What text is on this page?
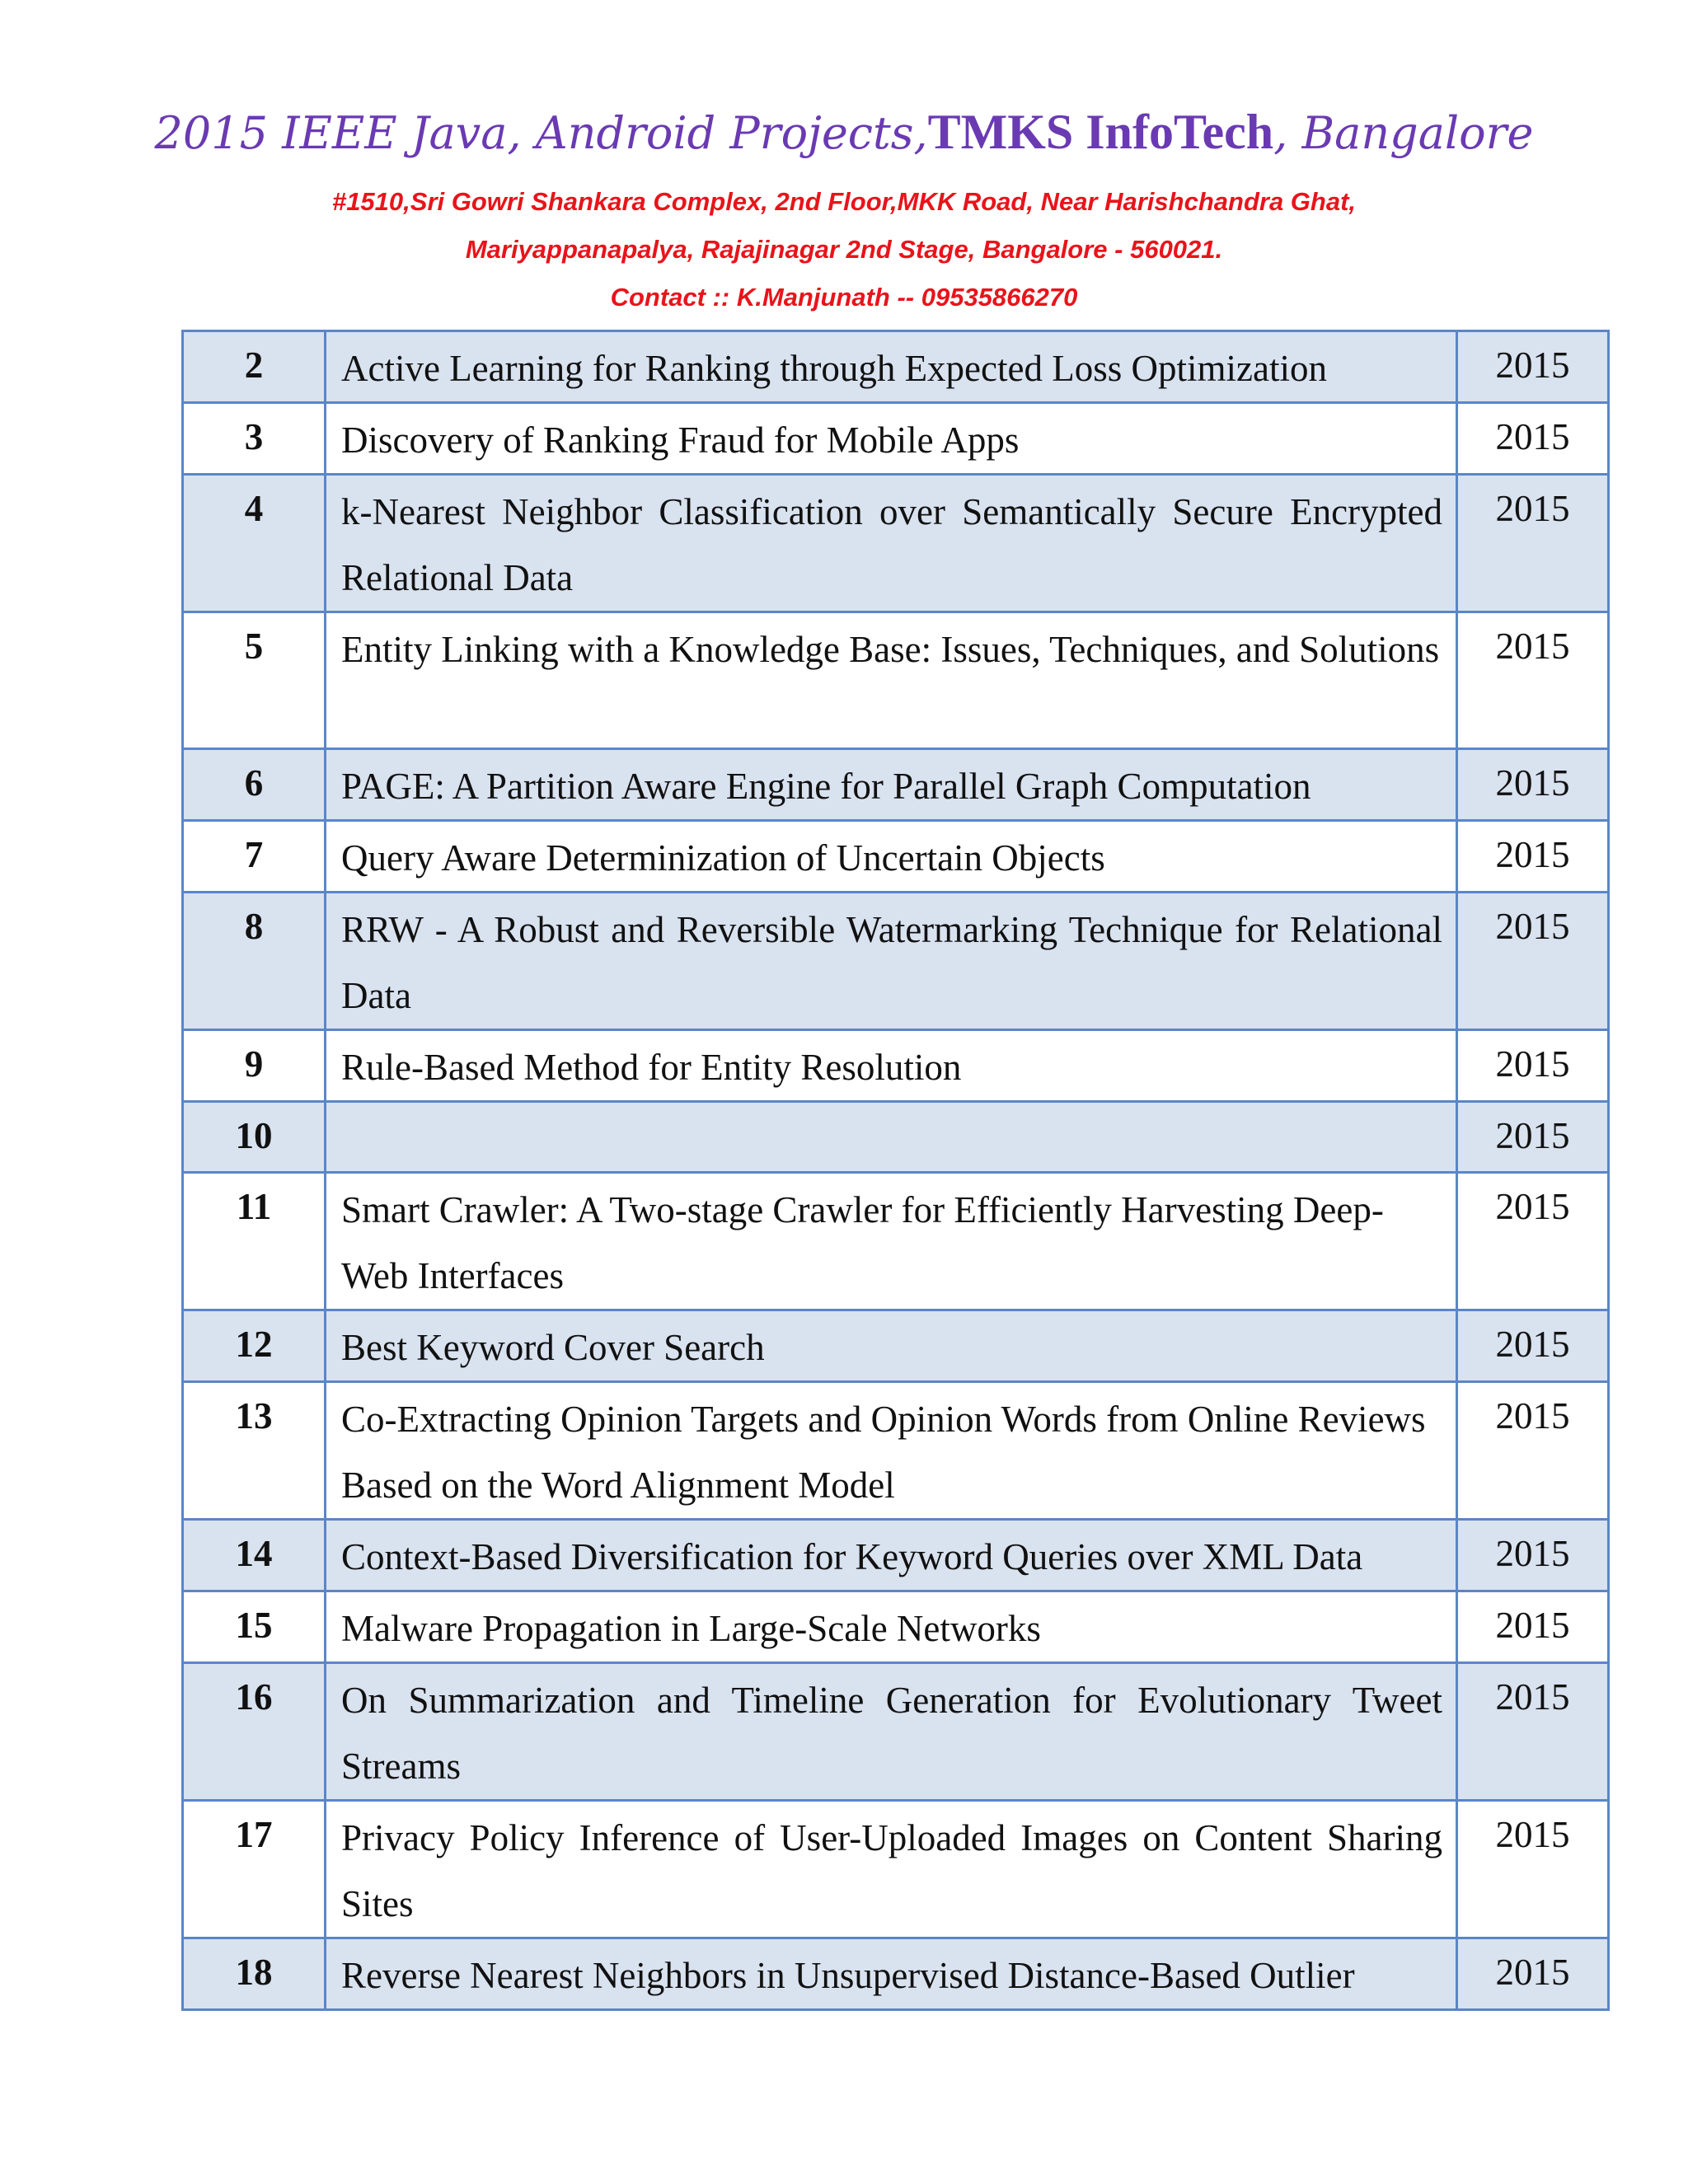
2015 IEEE Java, Android Projects,TMKS InfoTech, Bangalore
#1510,Sri Gowri Shankara Complex, 2nd Floor,MKK Road, Near Harishchandra Ghat,
Mariyappanapalya, Rajajinagar 2nd Stage, Bangalore - 560021.
Contact :: K.Manjunath -- 09535866270
2	Active Learning for Ranking through Expected Loss Optimization	2015
3	Discovery of Ranking Fraud for Mobile Apps	2015
4	k-Nearest Neighbor Classification over Semantically Secure Encrypted Relational Data	2015
5	Entity Linking with a Knowledge Base: Issues, Techniques, and Solutions	2015
6	PAGE: A Partition Aware Engine for Parallel Graph Computation	2015
7	Query Aware Determinization of Uncertain Objects	2015
8	RRW - A Robust and Reversible Watermarking Technique for Relational Data	2015
9	Rule-Based Method for Entity Resolution	2015
10		2015
11	Smart Crawler: A Two-stage Crawler for Efficiently Harvesting Deep-Web Interfaces	2015
12	Best Keyword Cover Search	2015
13	Co-Extracting Opinion Targets and Opinion Words from Online Reviews Based on the Word Alignment Model	2015
14	Context-Based Diversification for Keyword Queries over XML Data	2015
15	Malware Propagation in Large-Scale Networks	2015
16	On Summarization and Timeline Generation for Evolutionary Tweet Streams	2015
17	Privacy Policy Inference of User-Uploaded Images on Content Sharing Sites	2015
18	Reverse Nearest Neighbors in Unsupervised Distance-Based Outlier	2015
